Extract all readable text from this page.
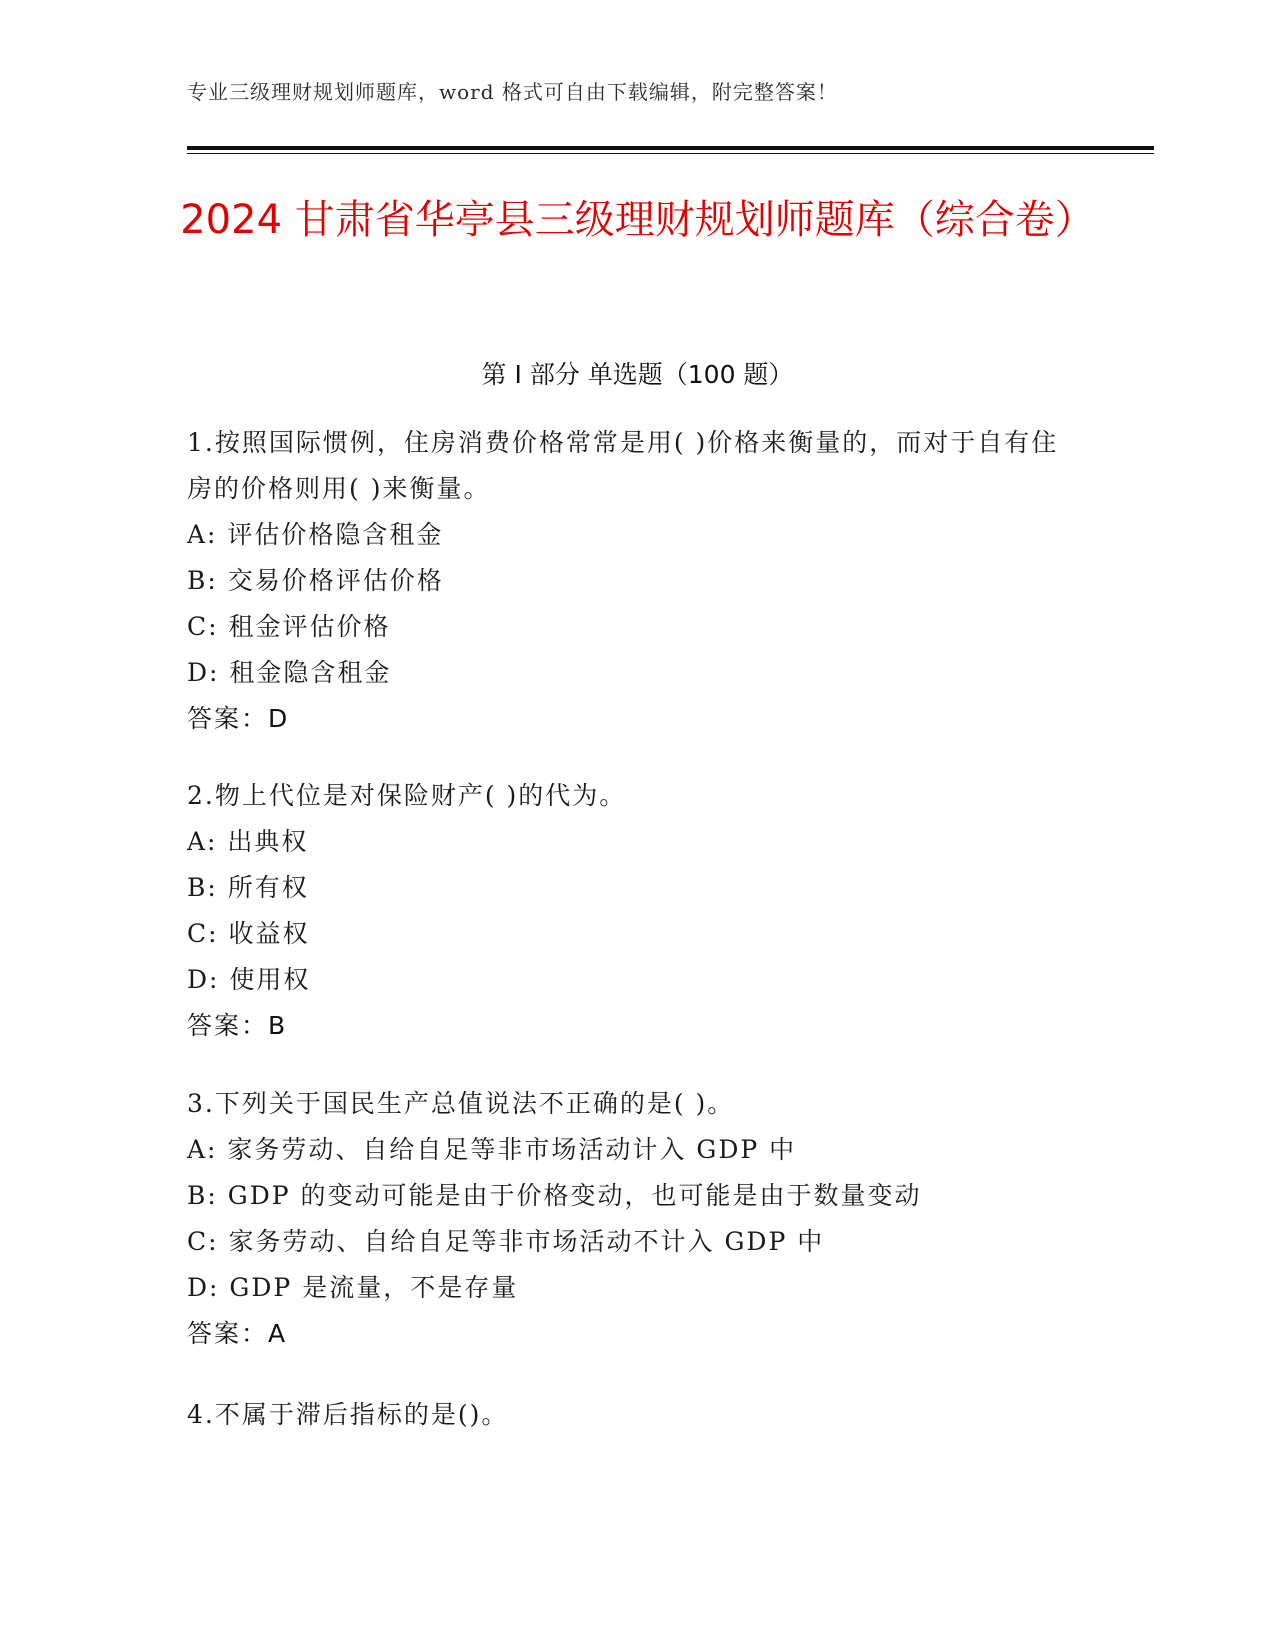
专业三级理财规划师题库，word 格式可自由下载编辑，附完整答案！
2024 甘肃省华亭县三级理财规划师题库（综合卷）
第 I 部分 单选题（100 题）

1.按照国际惯例，住房消费价格常常是用( )价格来衡量的，而对于自有住房的价格则用( )来衡量。

A: 评估价格隐含租金

B: 交易价格评估价格

C: 租金评估价格

D: 租金隐含租金

答案：D

2.物上代位是对保险财产( )的代为。

A: 出典权

B: 所有权

C: 收益权

D: 使用权

答案：B

3.下列关于国民生产总值说法不正确的是( )。

A: 家务劳动、自给自足等非市场活动计入 GDP 中

B: GDP 的变动可能是由于价格变动，也可能是由于数量变动

C: 家务劳动、自给自足等非市场活动不计入 GDP 中

D: GDP 是流量，不是存量

答案：A

4.不属于滞后指标的是()。
